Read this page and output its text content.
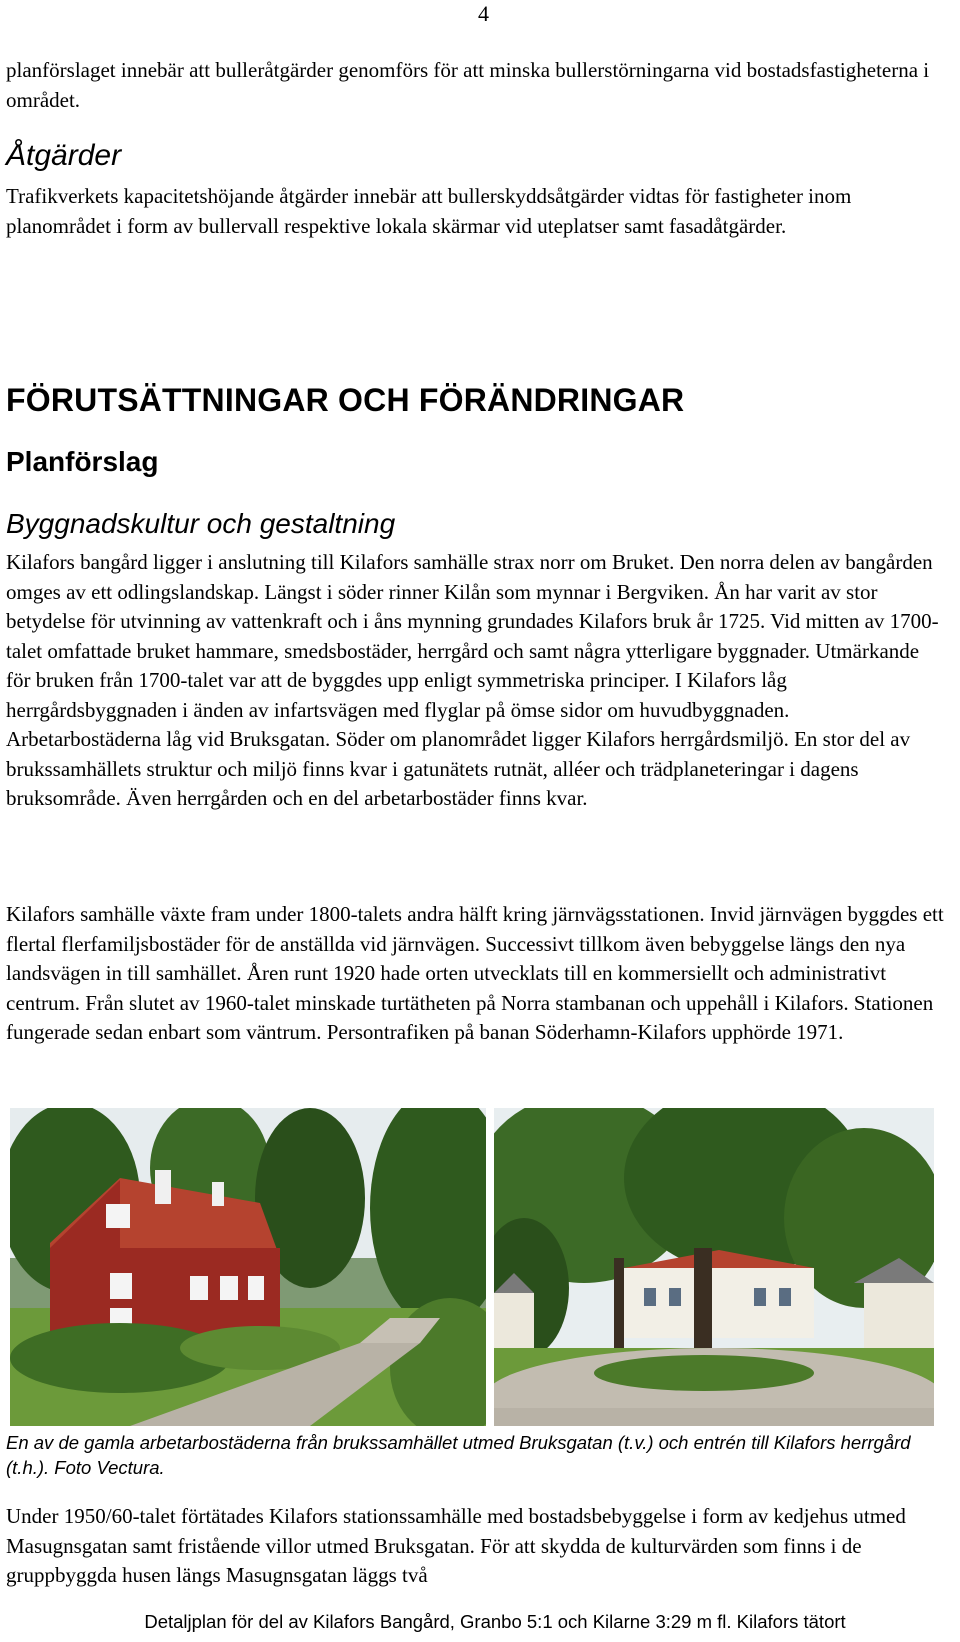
4

planförslaget innebär att bulleråtgärder genomförs för att minska bullerstörningarna vid bostadsfastigheterna i området.

Åtgärder

Trafikverkets kapacitetshöjande åtgärder innebär att bullerskyddsåtgärder vidtas för fastigheter inom planområdet i form av bullervall respektive lokala skärmar vid uteplatser samt fasadåtgärder.

FÖRUTSÄTTNINGAR OCH FÖRÄNDRINGAR
Planförslag
Byggnadskultur och gestaltning

Kilafors bangård ligger i anslutning till Kilafors samhälle strax norr om Bruket. Den norra delen av bangården omges av ett odlingslandskap. Längst i söder rinner Kilån som mynnar i Bergviken. Ån har varit av stor betydelse för utvinning av vattenkraft och i åns mynning grundades Kilafors bruk år 1725. Vid mitten av 1700-talet omfattade bruket hammare, smedsbostäder, herrgård och samt några ytterligare byggnader. Utmärkande för bruken från 1700-talet var att de byggdes upp enligt symmetriska principer. I Kilafors låg herrgårdsbyggnaden i änden av infartsvägen med flyglar på ömse sidor om huvudbyggnaden. Arbetarbostäderna låg vid Bruksgatan. Söder om planområdet ligger Kilafors herrgårdsmiljö. En stor del av brukssamhällets struktur och miljö finns kvar i gatunätets rutnät, alléer och trädplaneteringar i dagens bruksområde. Även herrgården och en del arbetarbostäder finns kvar.

Kilafors samhälle växte fram under 1800-talets andra hälft kring järnvägsstationen. Invid järnvägen byggdes ett flertal flerfamiljsbostäder för de anställda vid järnvägen. Successivt tillkom även bebyggelse längs den nya landsvägen in till samhället. Åren runt 1920 hade orten utvecklats till en kommersiellt och administrativt centrum. Från slutet av 1960-talet minskade turtätheten på Norra stambanan och uppehåll i Kilafors. Stationen fungerade sedan enbart som väntrum. Persontrafiken på banan Söderhamn-Kilafors upphörde 1971.

En av de gamla arbetarbostäderna från brukssamhället utmed Bruksgatan (t.v.) och entrén till Kilafors herrgård (t.h.). Foto Vectura.

Under 1950/60-talet förtätades Kilafors stationssamhälle med bostadsbebyggelse i form av kedjehus utmed Masugnsgatan samt fristående villor utmed Bruksgatan. För att skydda de kulturvärden som finns i de gruppbyggda husen längs Masugnsgatan läggs två

Detaljplan för del av Kilafors Bangård, Granbo 5:1 och Kilarne 3:29 m fl. Kilafors tätort
